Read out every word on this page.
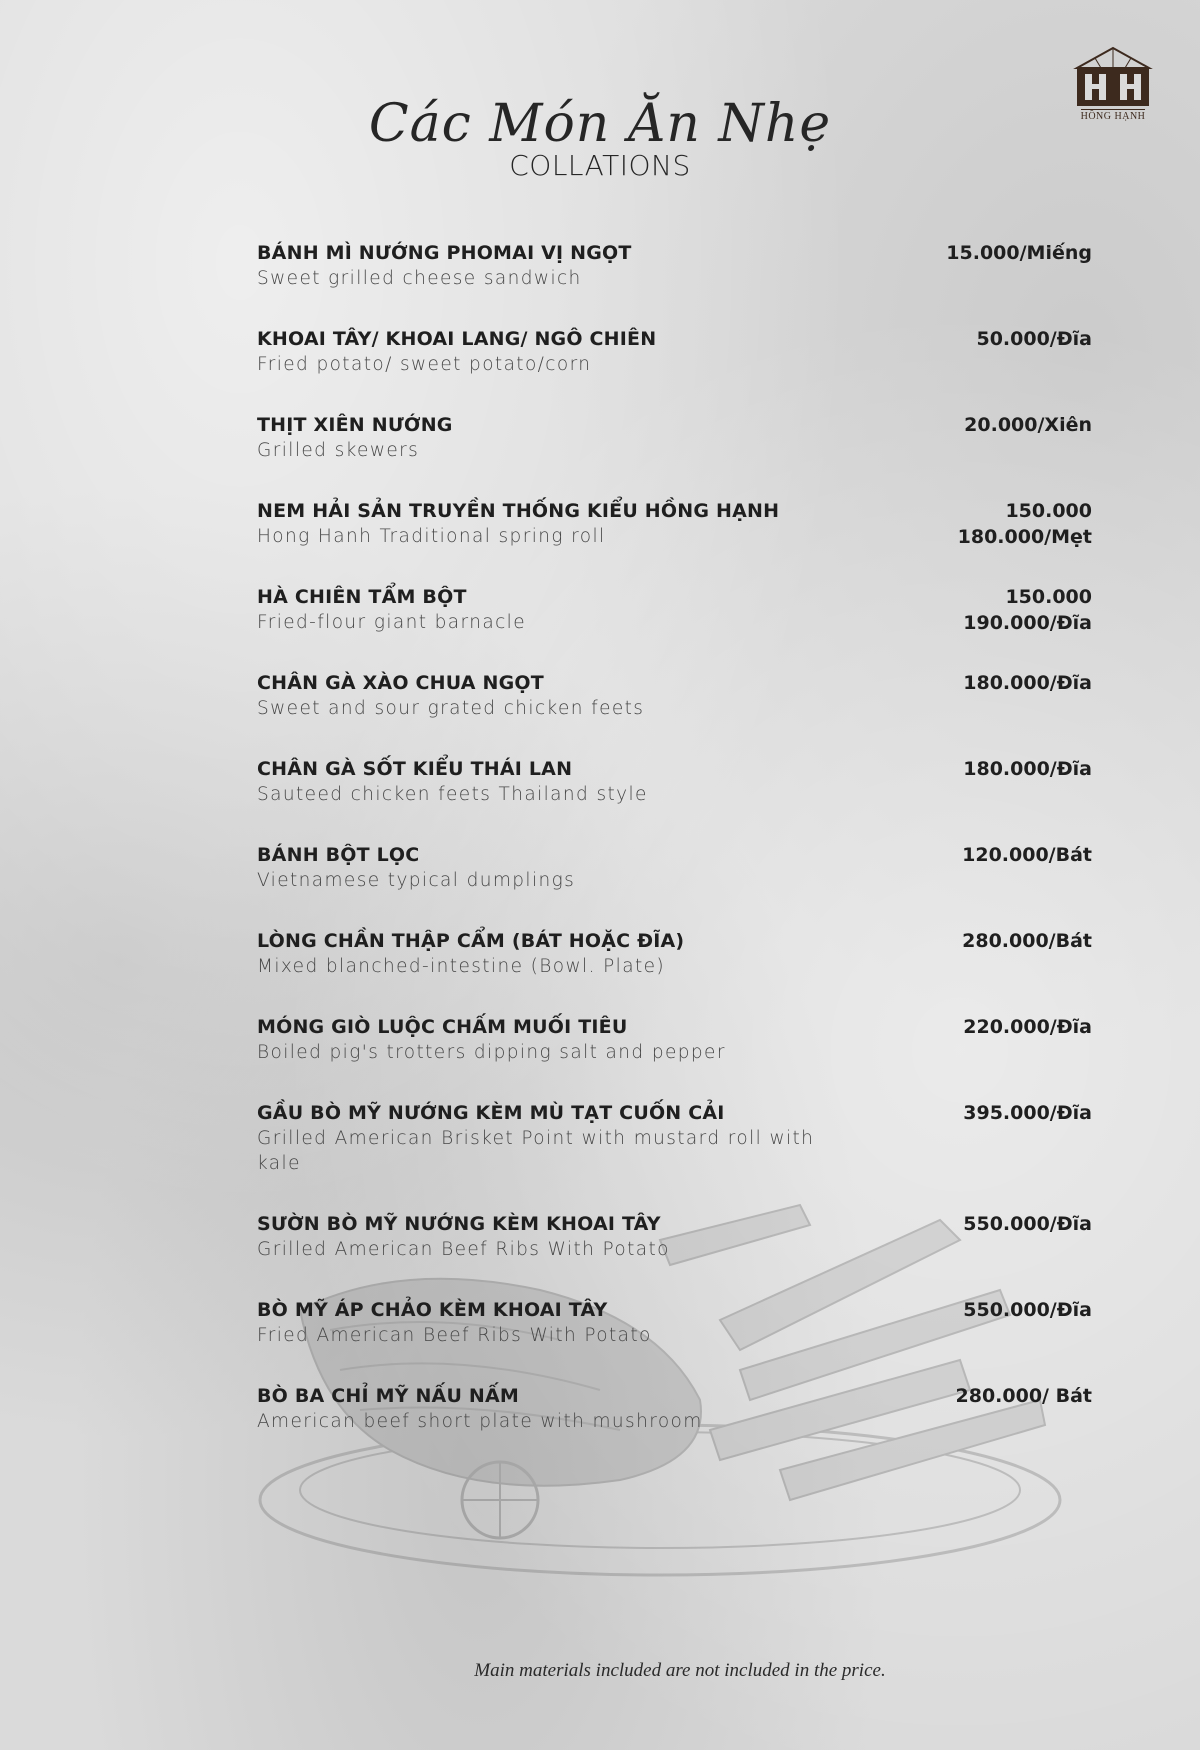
HỒNG HẠNH
Các Món Ăn Nhẹ
COLLATIONS
BÁNH MÌ NƯỚNG PHOMAI VỊ NGỌT
Sweet grilled cheese sandwich
15.000/Miếng
KHOAI TÂY/ KHOAI LANG/ NGÔ CHIÊN
Fried potato/ sweet potato/corn
50.000/Đĩa
THỊT XIÊN NƯỚNG
Grilled skewers
20.000/Xiên
NEM HẢI SẢN TRUYỀN THỐNG KIỂU HỒNG HẠNH
Hong Hanh Traditional spring roll
150.000
180.000/Mẹt
HÀ CHIÊN TẨM BỘT
Fried-flour giant barnacle
150.000
190.000/Đĩa
CHÂN GÀ XÀO CHUA NGỌT
Sweet and sour grated chicken feets
180.000/Đĩa
CHÂN GÀ SỐT KIỂU THÁI LAN
Sauteed chicken feets Thailand style
180.000/Đĩa
BÁNH BỘT LỌC
Vietnamese typical dumplings
120.000/Bát
LÒNG CHẦN THẬP CẨM (BÁT HOẶC ĐĨA)
Mixed blanched-intestine (Bowl. Plate)
280.000/Bát
MÓNG GIÒ LUỘC CHẤM MUỐI TIÊU
Boiled pig's trotters dipping salt and pepper
220.000/Đĩa
GẦU BÒ MỸ NƯỚNG KÈM MÙ TẠT CUỐN CẢI
Grilled American Brisket Point with mustard roll with kale
395.000/Đĩa
SƯỜN BÒ MỸ NƯỚNG KÈM KHOAI TÂY
Grilled American Beef Ribs With Potato
550.000/Đĩa
BÒ MỸ ÁP CHẢO KÈM KHOAI TÂY
Fried American Beef Ribs With Potato
550.000/Đĩa
BÒ BA CHỈ MỸ NẤU NẤM
American beef short plate with mushroom
280.000/ Bát
Main materials included are not included in the price.
